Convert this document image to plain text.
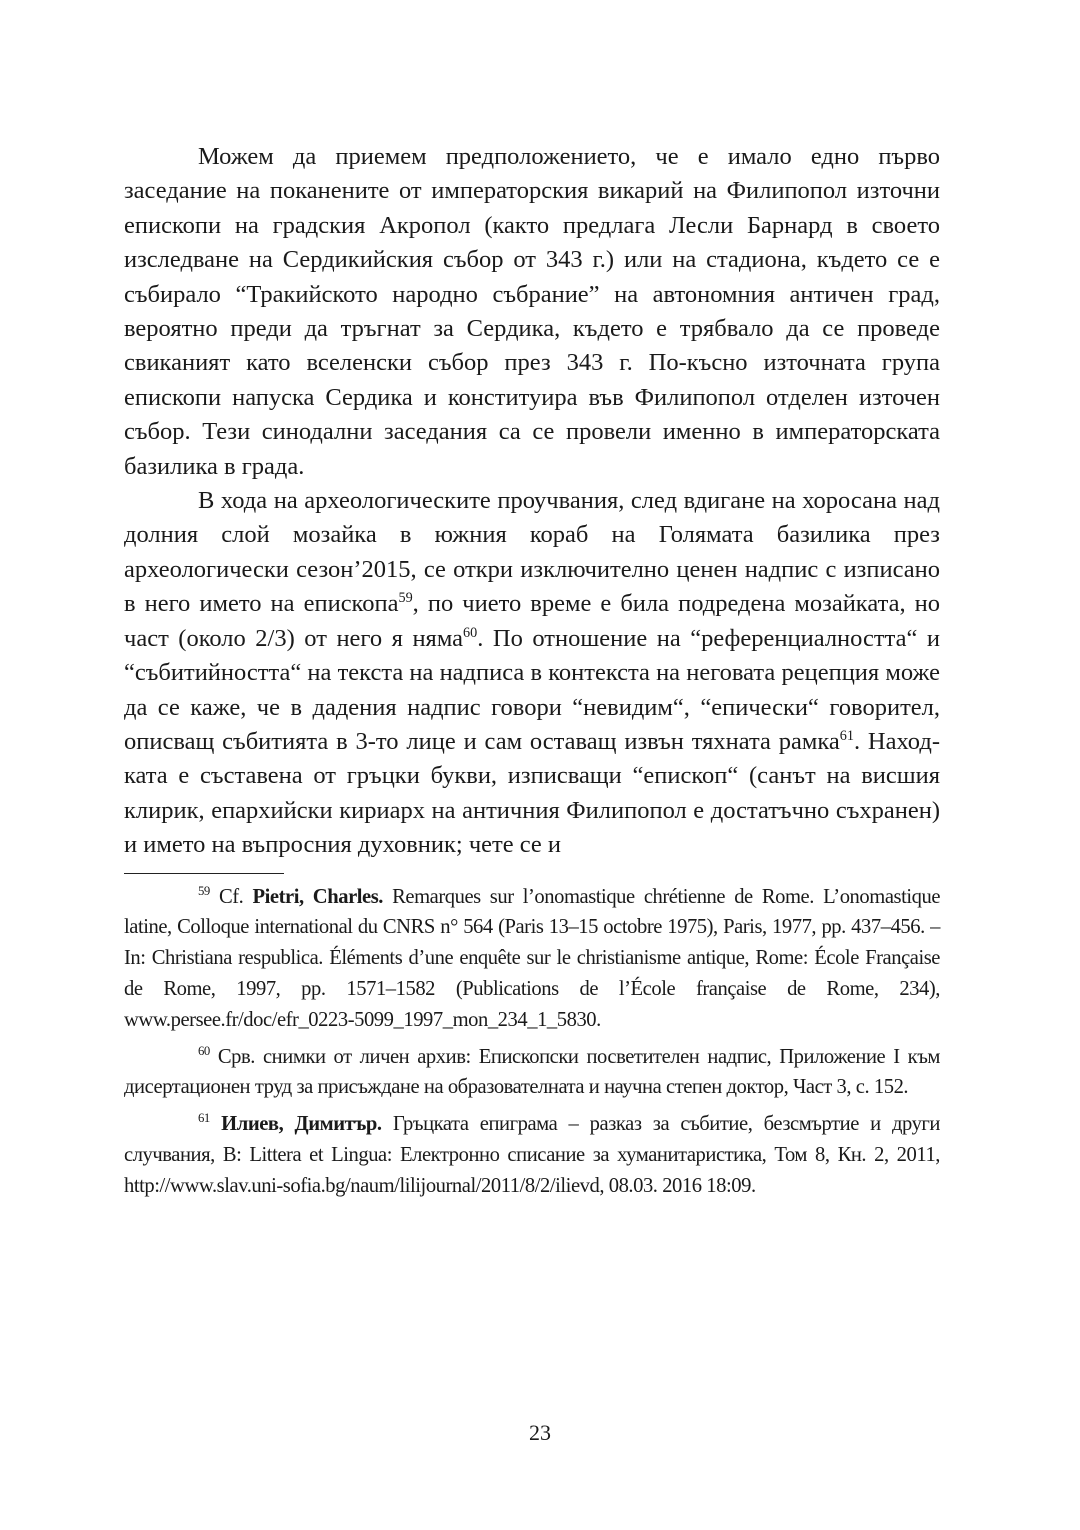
Можем да приемем предположението, че е имало едно първо заседание на поканените от императорския викарий на Филипопол източни епископи на градския Акропол (както предлага Лесли Барнард в своето изследване на Сердикийския събор от 343 г.) или на стадиона, където се е събирало “Тракийското народно събрание” на автономния античен град, вероятно преди да тръгнат за Сердика, където е трябвало да се проведе свиканият като вселенски събор през 343 г. По-късно източната група епископи напуска Сердика и конституира във Филипопол отделен източен събор. Тези синодални заседания са се провели именно в императорската базилика в града.

В хода на археологическите проучвания, след вдигане на хоросана над долния слой мозайка в южния кораб на Голямата базилика през археологически сезон’2015, се откри изключително ценен надпис с изписано в него името на епископа$^{59}$, по чието време е била подредена мозайката, но част (около 2/3) от него я няма$^{60}$. По отношение на “референциалността“ и “събитийността“ на текста на надписа в контекста на неговата рецепция може да се каже, че в дадения надпис говори “невидим“, “епически“ говорител, описващ събитията в 3-то лице и сам оставащ извън тяхната рамка$^{61}$. Находката е съставена от гръцки букви, изписващи “епископ“ (санът на висшия клирик, епархийски кириарх на античния Филипопол е достатъчно съхранен) и името на въпросния духовник; чете се и

$^{59}$ Cf. Pietri, Charles. Remarques sur l’onomastique chrétienne de Rome. L’onomastique latine, Colloque international du CNRS n° 564 (Paris 13–15 octobre 1975), Paris, 1977, pp. 437–456. – In: Christiana respublica. Éléments d’une enquête sur le christianisme antique, Rome: École Française de Rome, 1997, pp. 1571–1582 (Publications de l’École française de Rome, 234), www.persee.fr/doc/efr_0223-5099_1997_mon_234_1_5830.

$^{60}$ Срв. снимки от личен архив: Епископски посветителен надпис, Приложение I към дисертационен труд за присъждане на образователната и научна степен доктор, Част 3, с. 152.

$^{61}$ Илиев, Димитър. Гръцката епиграма – разказ за събитие, безсмъртие и други случвания, В: Littera et Lingua: Електронно списание за хуманитаристика, Том 8, Кн. 2, 2011, http://www.slav.uni-sofia.bg/naum/lilijournal/2011/8/2/ilievd, 08.03. 2016 18:09.

23
